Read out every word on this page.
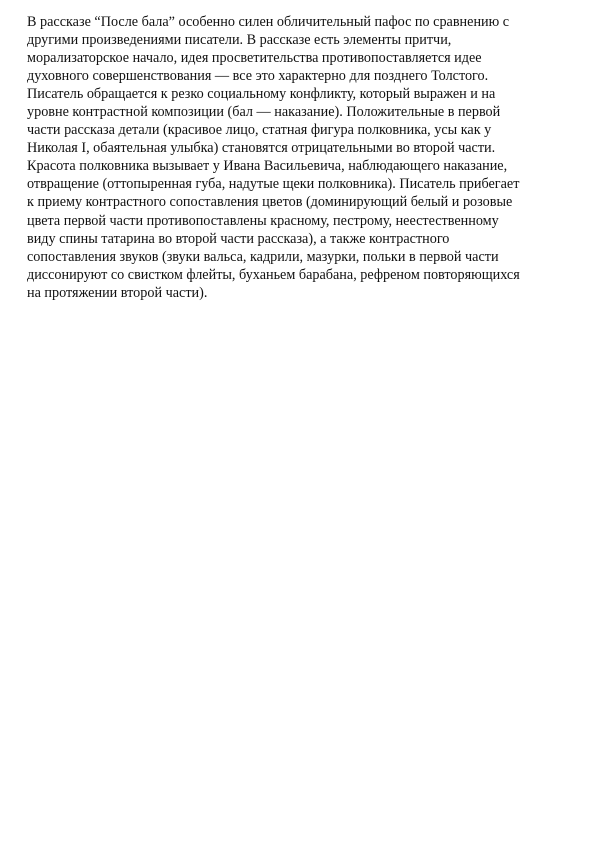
В рассказе “После бала” особенно силен обличительный пафос по сравнению с
другими произведениями писатели. В рассказе есть элементы притчи,
морализаторское начало, идея просветительства противопоставляется идее
духовного совершенствования — все это характерно для позднего Толстого.
Писатель обращается к резко социальному конфликту, который выражен и на
уровне контрастной композиции (бал — наказание). Положительные в первой
части рассказа детали (красивое лицо, статная фигура полковника, усы как у
Николая I, обаятельная улыбка) становятся отрицательными во второй части.
Красота полковника вызывает у Ивана Васильевича, наблюдающего наказание,
отвращение (оттопыренная губа, надутые щеки полковника). Писатель прибегает
к приему контрастного сопоставления цветов (доминирующий белый и розовые
цвета первой части противопоставлены красному, пестрому, неестественному
виду спины татарина во второй части рассказа), а также контрастного
сопоставления звуков (звуки вальса, кадрили, мазурки, польки в первой части
диссонируют со свистком флейты, буханьем барабана, рефреном повторяющихся
на протяжении второй части).
